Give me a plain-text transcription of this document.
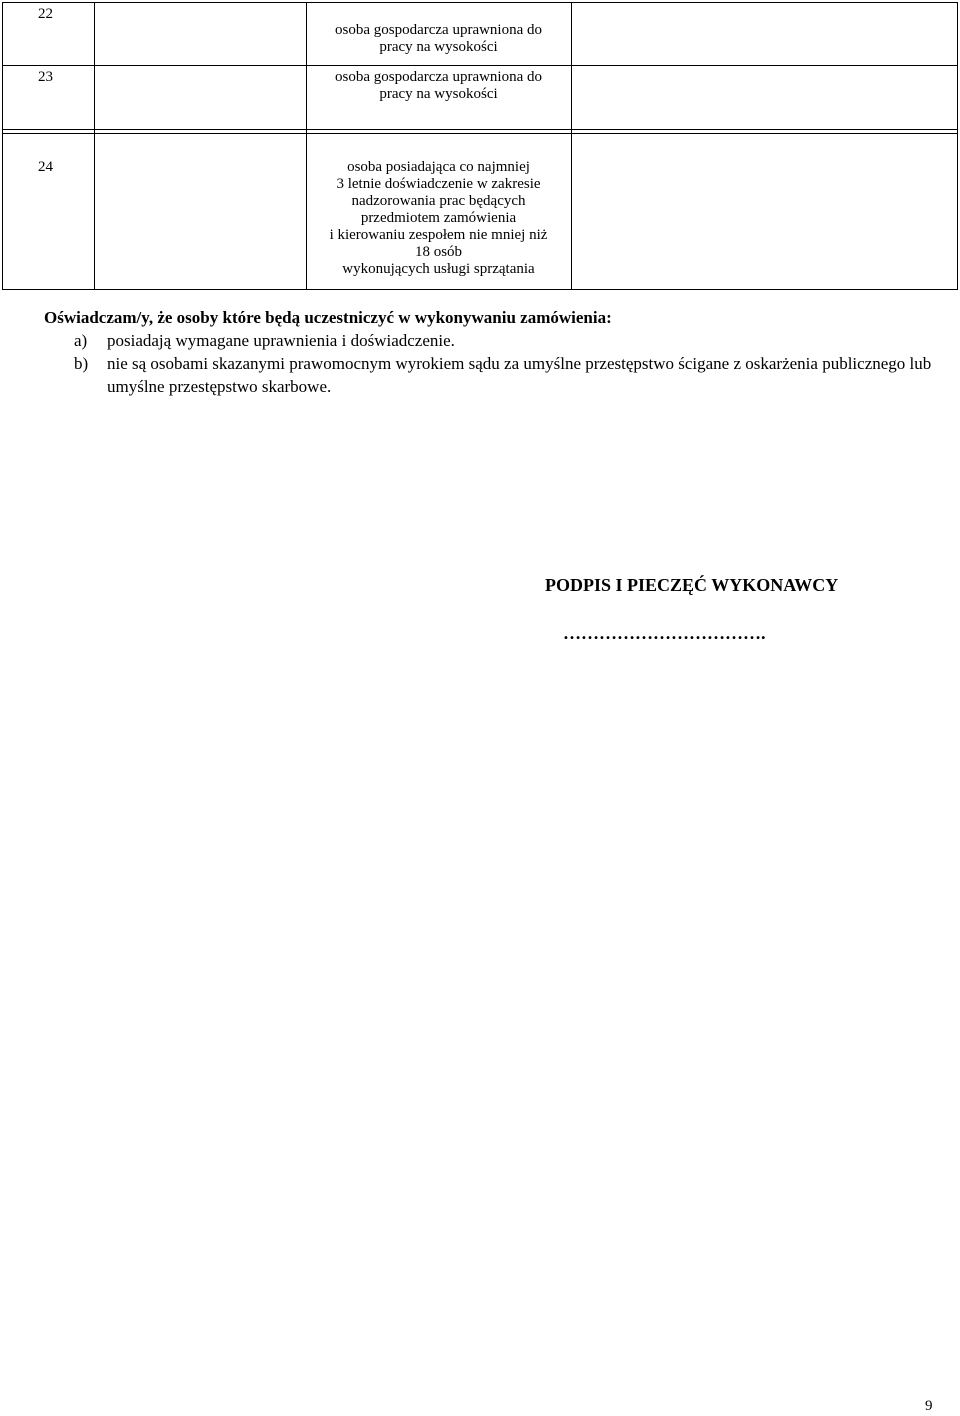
22
osoba gospodarcza uprawniona do
pracy na wysokości
23	osoba gospodarcza uprawniona do
pracy na wysokości
24	osoba posiadająca co najmniej
3 letnie doświadczenie w zakresie
nadzorowania prac będących
przedmiotem zamówienia
i kierowaniu zespołem nie mniej niż
18 osób
wykonujących usługi sprzątania
Oświadczam/y, że osoby które będą uczestniczyć w wykonywaniu zamówienia:
a) posiadają wymagane uprawnienia i doświadczenie.
b) nie są osobami skazanymi prawomocnym wyrokiem sądu za umyślne przestępstwo ścigane z oskarżenia publicznego lub umyślne przestępstwo skarbowe.
PODPIS I PIECZĘĆ WYKONAWCY
…………………………….
9
